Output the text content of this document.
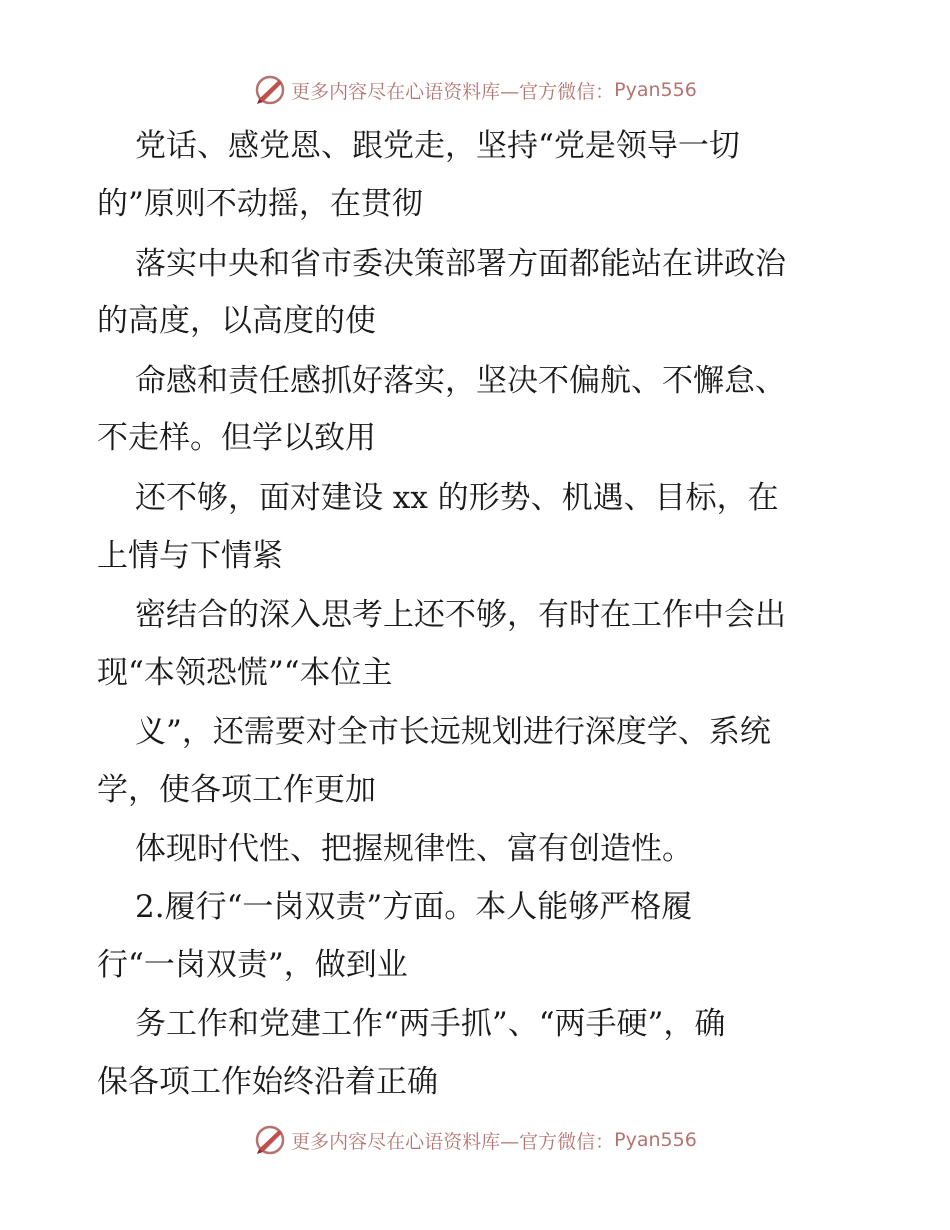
更多内容尽在心语资料库—官方微信： Pyan556
党话、感党恩、跟党走，坚持“党是领导一切
的”原则不动摇，在贯彻
落实中央和省市委决策部署方面都能站在讲政治
的高度，以高度的使
命感和责任感抓好落实，坚决不偏航、不懈怠、
不走样。但学以致用
还不够，面对建设 xx 的形势、机遇、目标，在
上情与下情紧
密结合的深入思考上还不够，有时在工作中会出
现“本领恐慌”“本位主
义”，还需要对全市长远规划进行深度学、系统
学，使各项工作更加
体现时代性、把握规律性、富有创造性。
2.履行“一岗双责”方面。本人能够严格履
行“一岗双责”，做到业
务工作和党建工作“两手抓”、“两手硬”，确
保各项工作始终沿着正确
更多内容尽在心语资料库—官方微信： Pyan556
